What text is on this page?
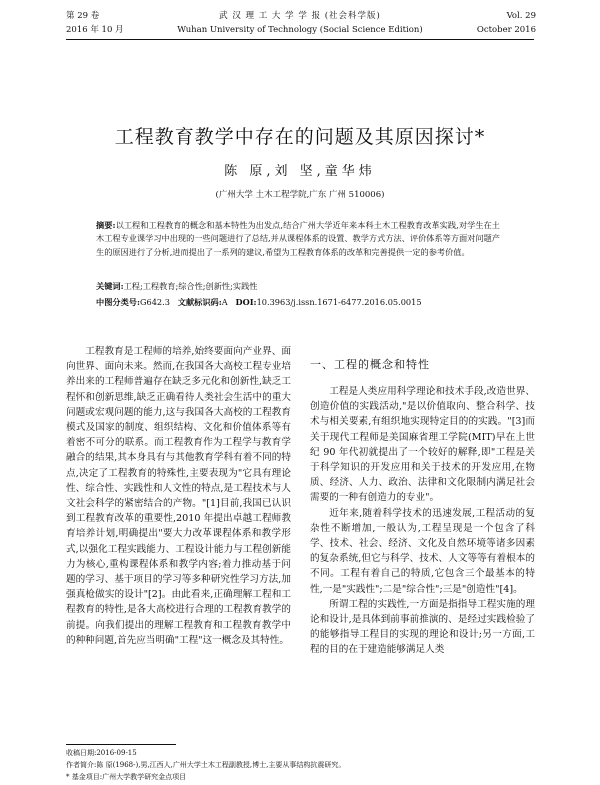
第 29 卷
2016 年 10 月
武 汉 理 工 大 学 学 报 (社会科学版)
Wuhan University of Technology (Social Science Edition)
Vol. 29
October 2016
工程教育教学中存在的问题及其原因探讨*
陈 原,刘 坚,童华炜
(广州大学 土木工程学院,广东 广州 510006)
摘要:以工程和工程教育的概念和基本特性为出发点,结合广州大学近年来本科土木工程教育改革实践,对学生在土木工程专业课学习中出现的一些问题进行了总结,并从课程体系的设置、教学方式方法、评价体系等方面对问题产生的原因进行了分析,进而提出了一系列的建议,希望为工程教育体系的改革和完善提供一定的参考价值。
关键词:工程;工程教育;综合性;创新性;实践性
中图分类号:G642.3 文献标识码:A DOI:10.3963/j.issn.1671-6477.2016.05.0015

工程教育是工程师的培养,始终要面向产业界、面向世界、面向未来。然而,在我国各大高校工程专业培养出来的工程师普遍存在缺乏多元化和创新性,缺乏工程怀和创新思维,缺乏正确看待人类社会生活中的重大问题或宏观问题的能力,这与我国各大高校的工程教育模式及国家的制度、组织结构、文化和价值体系等有着密不可分的联系。而工程教育作为工程学与教育学融合的结果,其本身具有与其他教育学科有着不同的特点,决定了工程教育的特殊性,主要表现为"它具有理论性、综合性、实践性和人文性的特点,是工程技术与人文社会科学的紧密结合的产物。"[1]目前,我国已认识到工程教育改革的重要性,2010 年提出卓越工程师教育培养计划,明确提出"要大力改革课程体系和教学形式,以强化工程实践能力、工程设计能力与工程创新能力为核心,重构课程体系和教学内容;着力推动基于问题的学习、基于项目的学习等多种研究性学习方法,加强真枪做实的设计"[2]。由此看来,正确理解工程和工程教育的特性,是各大高校进行合理的工程教育教学的前提。向我们提出的理解工程教育和工程教育教学中的种种问题,首先应当明确"工程"这一概念及其特性。

一、工程的概念和特性

工程是人类应用科学理论和技术手段,改造世界、创造价值的实践活动,"是以价值取向、整合科学、技术与相关要素,有组织地实现特定目的的实践。"[3]而关于现代工程师是美国麻省理工学院(MIT)早在上世纪 90 年代初就提出了一个较好的解释,即"工程是关于科学知识的开发应用和关于技术的开发应用,在物质、经济、人力、政治、法律和文化限制内满足社会需要的一种有创造力的专业"。

近年来,随着科学技术的迅速发展,工程活动的复杂性不断增加,一般认为,工程呈现是一个包含了科学、技术、社会、经济、文化及自然环境等诸多因素的复杂系统,但它与科学、技术、人文等等有着根本的不同。工程有着自己的特质,它包含三个最基本的特性,一是"实践性";二是"综合性";三是"创造性"[4]。

所谓工程的实践性,一方面是指指导工程实施的理论和设计,是具体到前事前推演的、是经过实践检验了的能够指导工程目的实现的理论和设计;另一方面,工程的目的在于建造能够满足人类

收稿日期:2016-09-15
作者简介:陈 原(1968-),男,江西人,广州大学土木工程副教授,博士,主要从事结构抗震研究。
* 基金项目:广州大学教学研究金点项目
